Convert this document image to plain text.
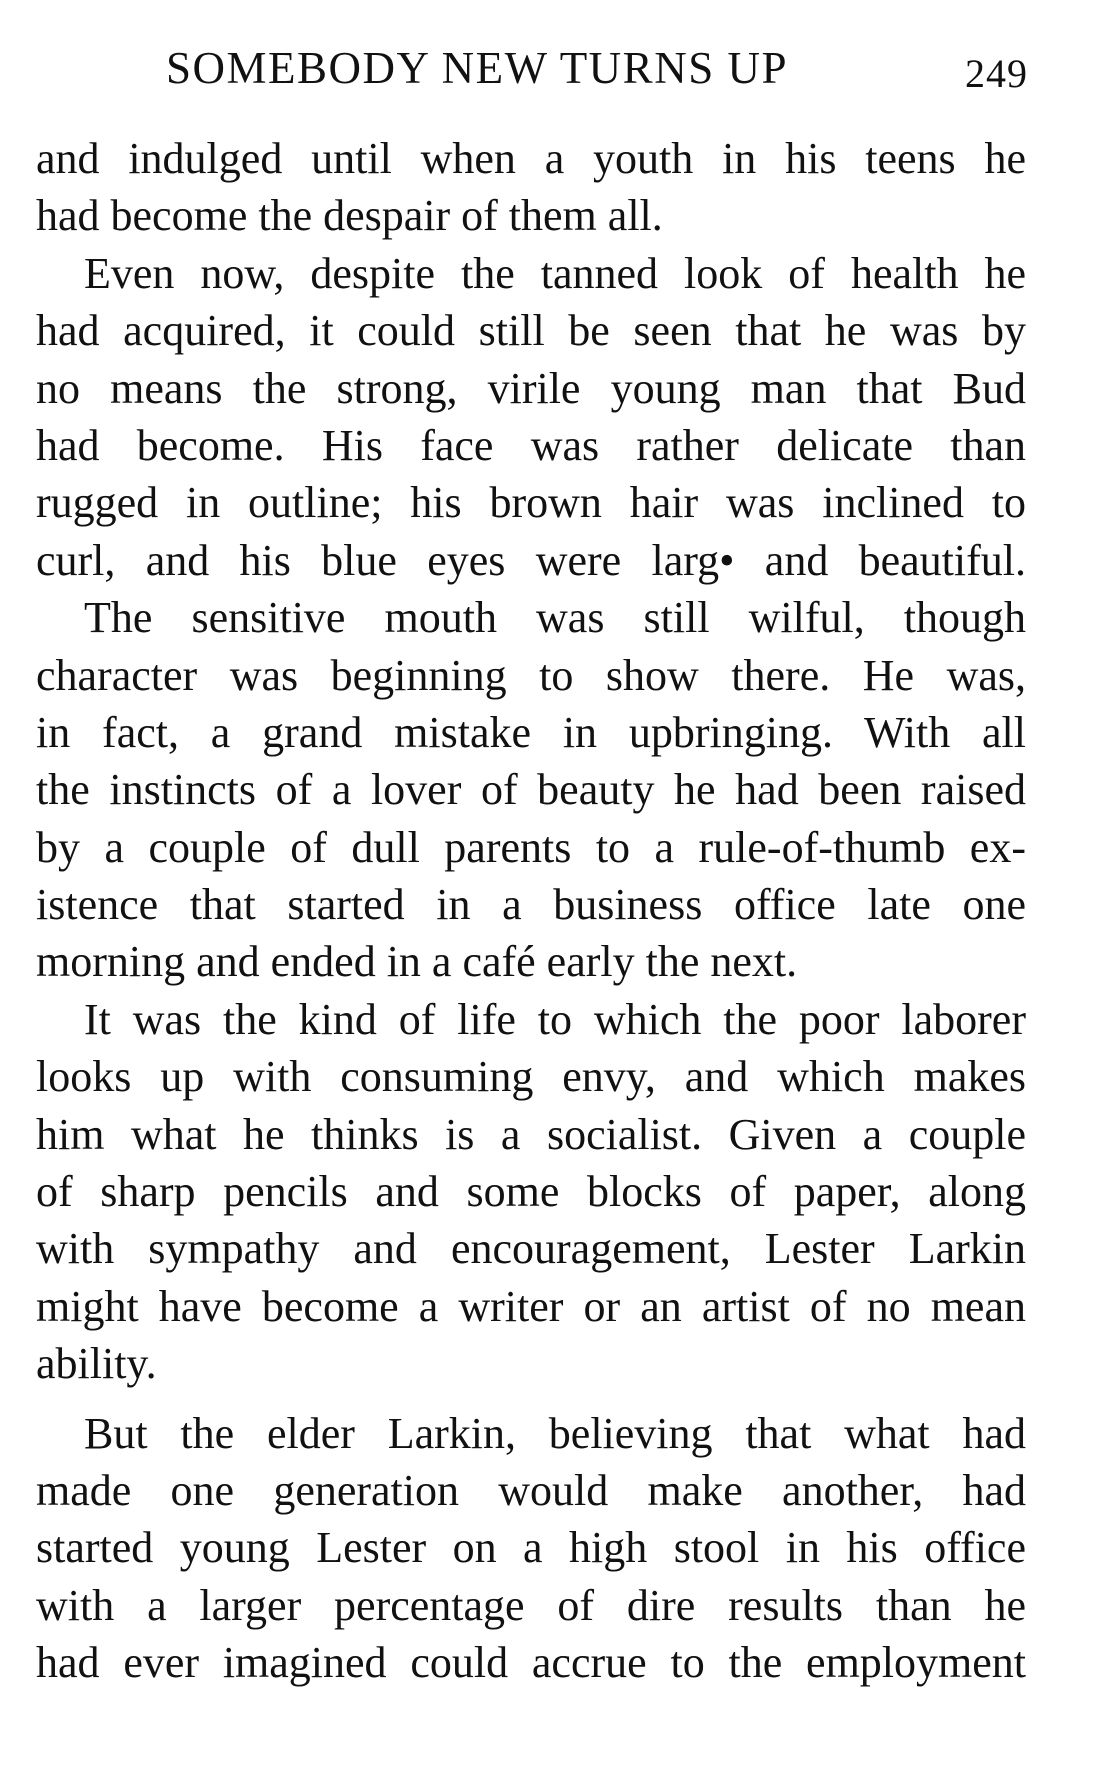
SOMEBODY NEW TURNS UP	249
and indulged until when a youth in his teens he
had become the despair of them all.
Even now, despite the tanned look of health he
had acquired, it could still be seen that he was by
no means the strong, virile young man that Bud
had become. His face was rather delicate than
rugged in outline; his brown hair was inclined to
curl, and his blue eyes were larg• and beautiful.
The sensitive mouth was still wilful, though
character was beginning to show there. He was,
in fact, a grand mistake in upbringing. With all
the instincts of a lover of beauty he had been raised
by a couple of dull parents to a rule-of-thumb ex-
istence that started in a business office late one
morning and ended in a café early the next.
It was the kind of life to which the poor laborer
looks up with consuming envy, and which makes
him what he thinks is a socialist. Given a couple
of sharp pencils and some blocks of paper, along
with sympathy and encouragement, Lester Larkin
might have become a writer or an artist of no mean
ability.
But the elder Larkin, believing that what had
made one generation would make another, had
started young Lester on a high stool in his office
with a larger percentage of dire results than he
had ever imagined could accrue to the employment
